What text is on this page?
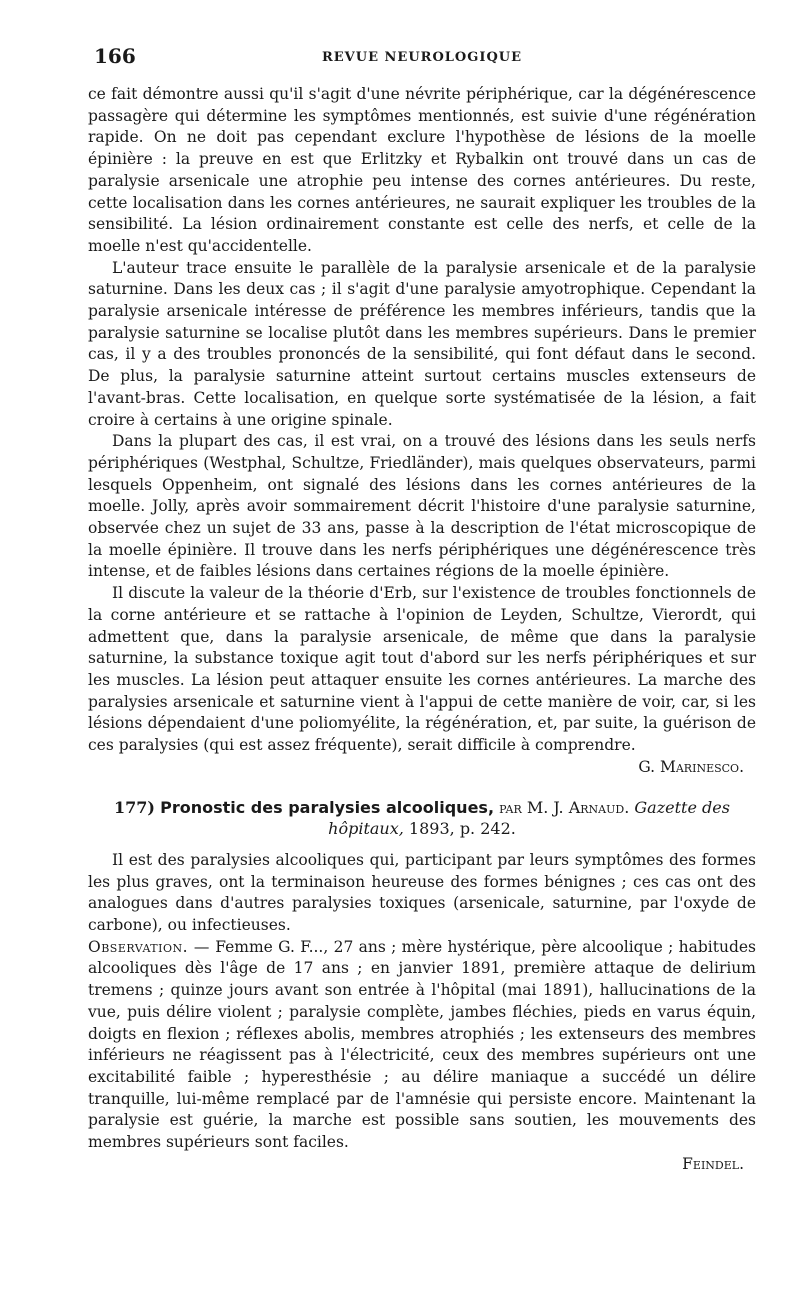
166	REVUE NEUROLOGIQUE

ce fait démontre aussi qu'il s'agit d'une névrite périphérique, car la dégénérescence passagère qui détermine les symptômes mentionnés, est suivie d'une régénération rapide. On ne doit pas cependant exclure l'hypothèse de lésions de la moelle épinière : la preuve en est que Erlitzky et Rybalkin ont trouvé dans un cas de paralysie arsenicale une atrophie peu intense des cornes antérieures. Du reste, cette localisation dans les cornes antérieures, ne saurait expliquer les troubles de la sensibilité. La lésion ordinairement constante est celle des nerfs, et celle de la moelle n'est qu'accidentelle.

L'auteur trace ensuite le parallèle de la paralysie arsenicale et de la paralysie saturnine. Dans les deux cas ; il s'agit d'une paralysie amyotrophique. Cependant la paralysie arsenicale intéresse de préférence les membres inférieurs, tandis que la paralysie saturnine se localise plutôt dans les membres supérieurs. Dans le premier cas, il y a des troubles prononcés de la sensibilité, qui font défaut dans le second. De plus, la paralysie saturnine atteint surtout certains muscles extenseurs de l'avant-bras. Cette localisation, en quelque sorte systématisée de la lésion, a fait croire à certains à une origine spinale.

Dans la plupart des cas, il est vrai, on a trouvé des lésions dans les seuls nerfs périphériques (Westphal, Schultze, Friedländer), mais quelques observateurs, parmi lesquels Oppenheim, ont signalé des lésions dans les cornes antérieures de la moelle. Jolly, après avoir sommairement décrit l'histoire d'une paralysie saturnine, observée chez un sujet de 33 ans, passe à la description de l'état microscopique de la moelle épinière. Il trouve dans les nerfs périphériques une dégénérescence très intense, et de faibles lésions dans certaines régions de la moelle épinière.

Il discute la valeur de la théorie d'Erb, sur l'existence de troubles fonctionnels de la corne antérieure et se rattache à l'opinion de Leyden, Schultze, Vierordt, qui admettent que, dans la paralysie arsenicale, de même que dans la paralysie saturnine, la substance toxique agit tout d'abord sur les nerfs périphériques et sur les muscles. La lésion peut attaquer ensuite les cornes antérieures. La marche des paralysies arsenicale et saturnine vient à l'appui de cette manière de voir, car, si les lésions dépendaient d'une poliomyélite, la régénération, et, par suite, la guérison de ces paralysies (qui est assez fréquente), serait difficile à comprendre.

G. Marinesco.

177) Pronostic des paralysies alcooliques, par M. J. Arnaud. Gazette des hôpitaux, 1893, p. 242.

Il est des paralysies alcooliques qui, participant par leurs symptômes des formes les plus graves, ont la terminaison heureuse des formes bénignes ; ces cas ont des analogues dans d'autres paralysies toxiques (arsenicale, saturnine, par l'oxyde de carbone), ou infectieuses.

Observation. — Femme G. F..., 27 ans ; mère hystérique, père alcoolique ; habitudes alcooliques dès l'âge de 17 ans ; en janvier 1891, première attaque de delirium tremens ; quinze jours avant son entrée à l'hôpital (mai 1891), hallucinations de la vue, puis délire violent ; paralysie complète, jambes fléchies, pieds en varus équin, doigts en flexion ; réflexes abolis, membres atrophiés ; les extenseurs des membres inférieurs ne réagissent pas à l'électricité, ceux des membres supérieurs ont une excitabilité faible ; hyperesthésie ; au délire maniaque a succédé un délire tranquille, lui-même remplacé par de l'amnésie qui persiste encore. Maintenant la paralysie est guérie, la marche est possible sans soutien, les mouvements des membres supérieurs sont faciles.

Feindel.
